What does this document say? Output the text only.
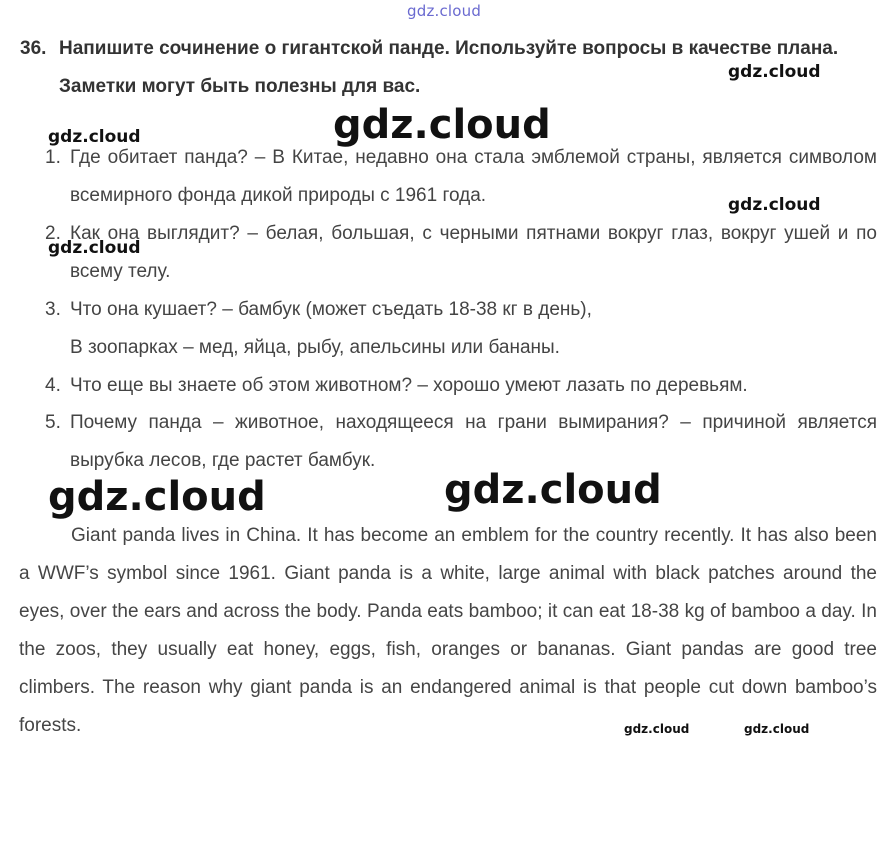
gdz.cloud
36. Напишите сочинение о гигантской панде. Используйте вопросы в качестве плана. Заметки могут быть полезны для вас.
1. Где обитает панда? – В Китае, недавно она стала эмблемой страны, является символом всемирного фонда дикой природы с 1961 года.
2. Как она выглядит? – белая, большая, с черными пятнами вокруг глаз, вокруг ушей и по всему телу.
3. Что она кушает? – бамбук (может съедать 18-38 кг в день),
В зоопарках – мед, яйца, рыбу, апельсины или бананы.
4. Что еще вы знаете об этом животном? – хорошо умеют лазать по деревьям.
5. Почему панда – животное, находящееся на грани вымирания? – причиной является вырубка лесов, где растет бамбук.

Giant panda lives in China. It has become an emblem for the country recently. It has also been a WWF’s symbol since 1961. Giant panda is a white, large animal with black patches around the eyes, over the ears and across the body. Panda eats bamboo; it can eat 18-38 kg of bamboo a day. In the zoos, they usually eat honey, eggs, fish, oranges or bananas. Giant pandas are good tree climbers. The reason why giant panda is an endangered animal is that people cut down bamboo’s forests.

gdz.cloud
gdz.cloud	gdz.cloud
gdz.cloud
gdz.cloud
gdz.cloud	gdz.cloud
gdz.cloud	gdz.cloud
